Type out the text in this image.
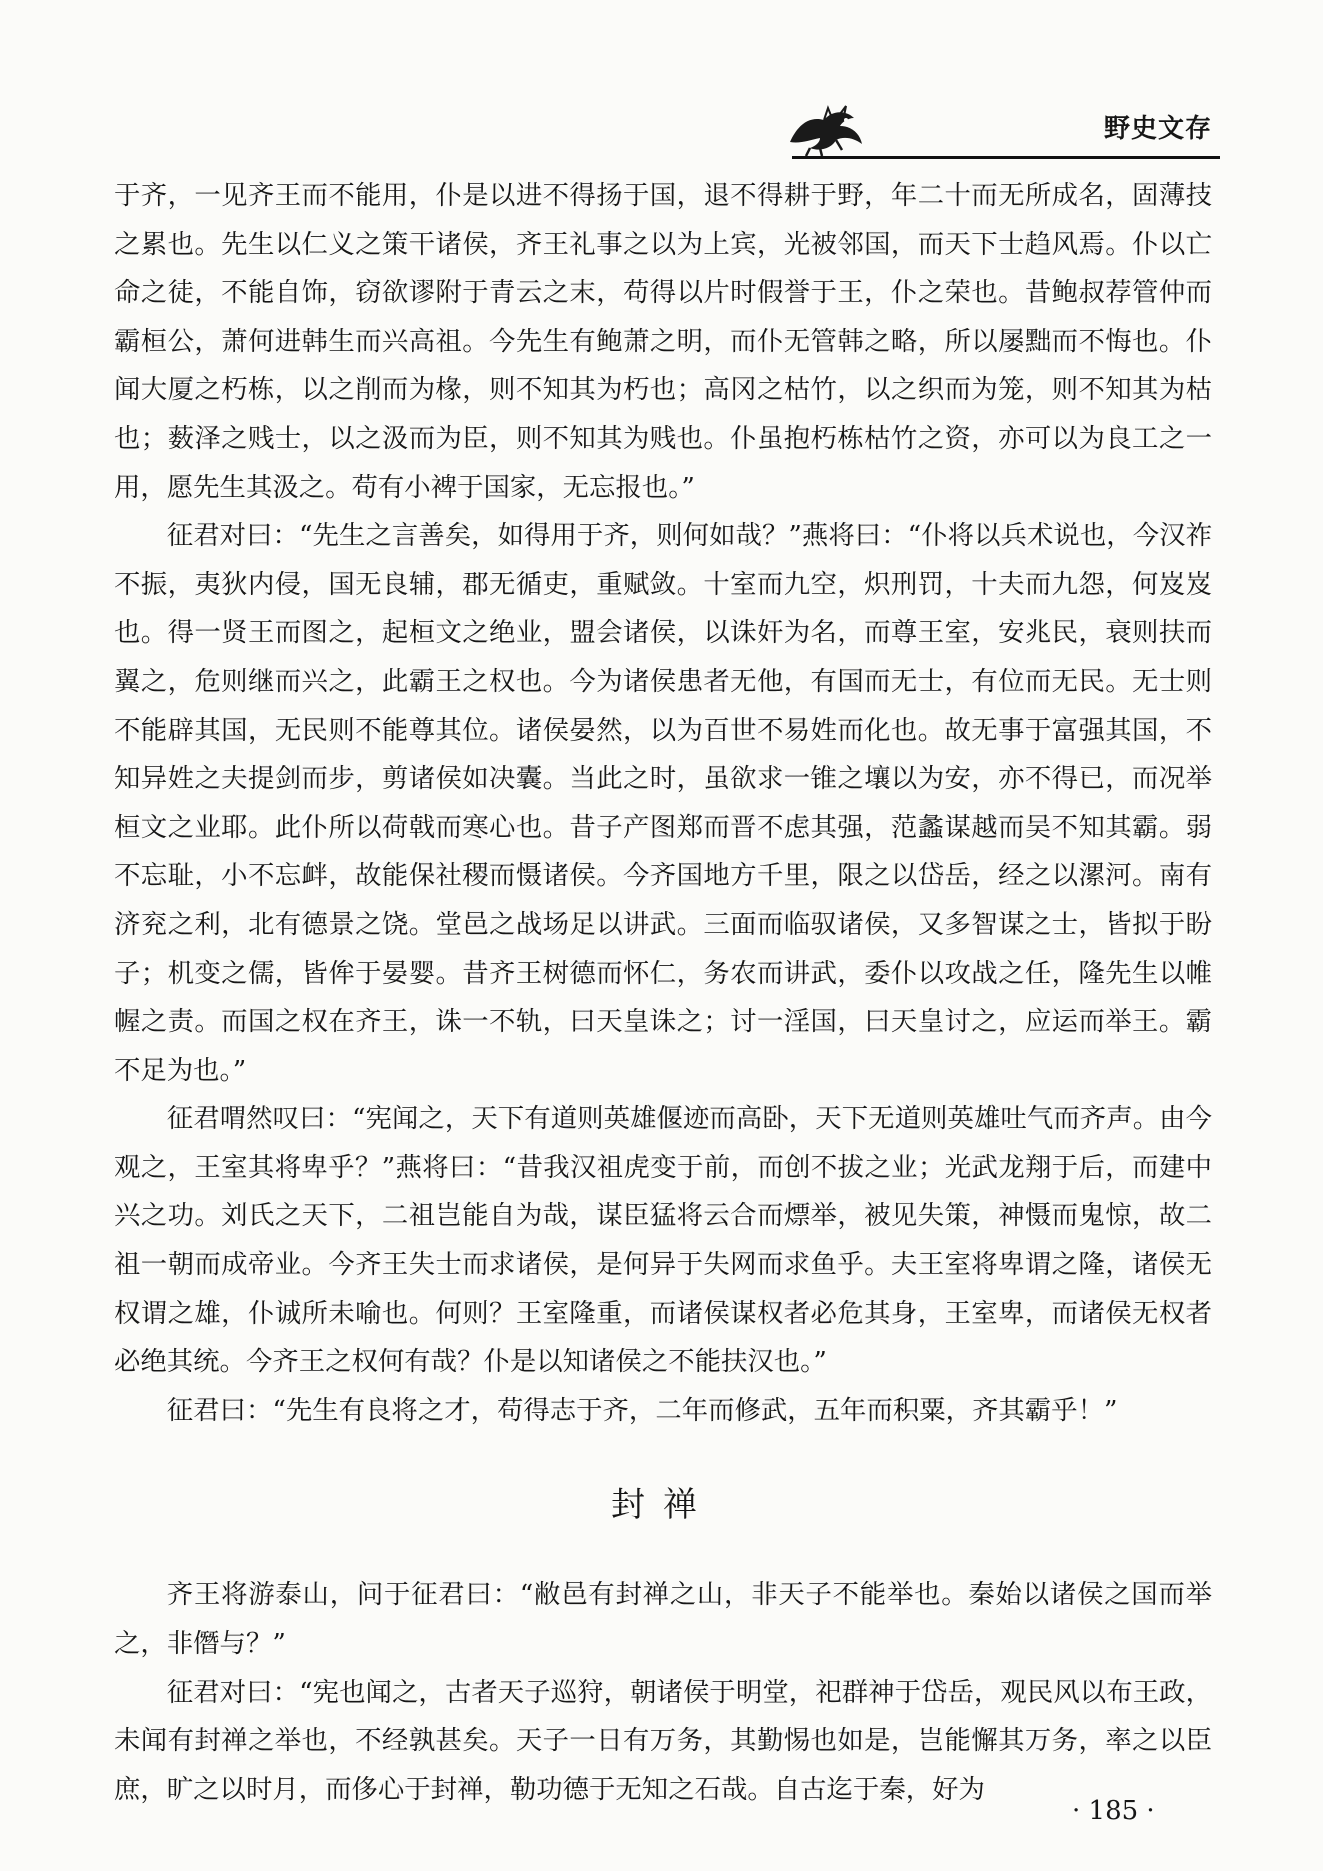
野史文存

于齐，一见齐王而不能用，仆是以进不得扬于国，退不得耕于野，年二十而无所成名，固薄技之累也。先生以仁义之策干诸侯，齐王礼事之以为上宾，光被邻国，而天下士趋风焉。仆以亡命之徒，不能自饰，窃欲谬附于青云之末，苟得以片时假誉于王，仆之荣也。昔鲍叔荐管仲而霸桓公，萧何进韩生而兴高祖。今先生有鲍萧之明，而仆无管韩之略，所以屡黜而不悔也。仆闻大厦之朽栋，以之削而为椽，则不知其为朽也；高冈之枯竹，以之织而为笼，则不知其为枯也；薮泽之贱士，以之汲而为臣，则不知其为贱也。仆虽抱朽栋枯竹之资，亦可以为良工之一用，愿先生其汲之。苟有小裨于国家，无忘报也。”

征君对曰：“先生之言善矣，如得用于齐，则何如哉？”燕将曰：“仆将以兵术说也，今汉祚不振，夷狄内侵，国无良辅，郡无循吏，重赋敛。十室而九空，炽刑罚，十夫而九怨，何岌岌也。得一贤王而图之，起桓文之绝业，盟会诸侯，以诛奸为名，而尊王室，安兆民，衰则扶而翼之，危则继而兴之，此霸王之权也。今为诸侯患者无他，有国而无士，有位而无民。无士则不能辟其国，无民则不能尊其位。诸侯晏然，以为百世不易姓而化也。故无事于富强其国，不知异姓之夫提剑而步，剪诸侯如决囊。当此之时，虽欲求一锥之壤以为安，亦不得已，而况举桓文之业耶。此仆所以荷戟而寒心也。昔子产图郑而晋不虑其强，范蠡谋越而吴不知其霸。弱不忘耻，小不忘衅，故能保社稷而慑诸侯。今齐国地方千里，限之以岱岳，经之以漯河。南有济兖之利，北有德景之饶。堂邑之战场足以讲武。三面而临驭诸侯，又多智谋之士，皆拟于盼子；机变之儒，皆侔于晏婴。昔齐王树德而怀仁，务农而讲武，委仆以攻战之任，隆先生以帷幄之责。而国之权在齐王，诛一不轨，曰天皇诛之；讨一淫国，曰天皇讨之，应运而举王。霸不足为也。”

征君喟然叹曰：“宪闻之，天下有道则英雄偃迹而高卧，天下无道则英雄吐气而齐声。由今观之，王室其将卑乎？”燕将曰：“昔我汉祖虎变于前，而创不拔之业；光武龙翔于后，而建中兴之功。刘氏之天下，二祖岂能自为哉，谋臣猛将云合而熛举，被见失策，神慑而鬼惊，故二祖一朝而成帝业。今齐王失士而求诸侯，是何异于失网而求鱼乎。夫王室将卑谓之隆，诸侯无权谓之雄，仆诚所未喻也。何则？王室隆重，而诸侯谋权者必危其身，王室卑，而诸侯无权者必绝其统。今齐王之权何有哉？仆是以知诸侯之不能扶汉也。”

征君曰：“先生有良将之才，苟得志于齐，二年而修武，五年而积粟，齐其霸乎！”

封禅

齐王将游泰山，问于征君曰：“敝邑有封禅之山，非天子不能举也。秦始以诸侯之国而举之，非僭与？”

征君对曰：“宪也闻之，古者天子巡狩，朝诸侯于明堂，祀群神于岱岳，观民风以布王政，未闻有封禅之举也，不经孰甚矣。天子一日有万务，其勤惕也如是，岂能懈其万务，率之以臣庶，旷之以时月，而侈心于封禅，勒功德于无知之石哉。自古迄于秦，好为

· 185 ·
